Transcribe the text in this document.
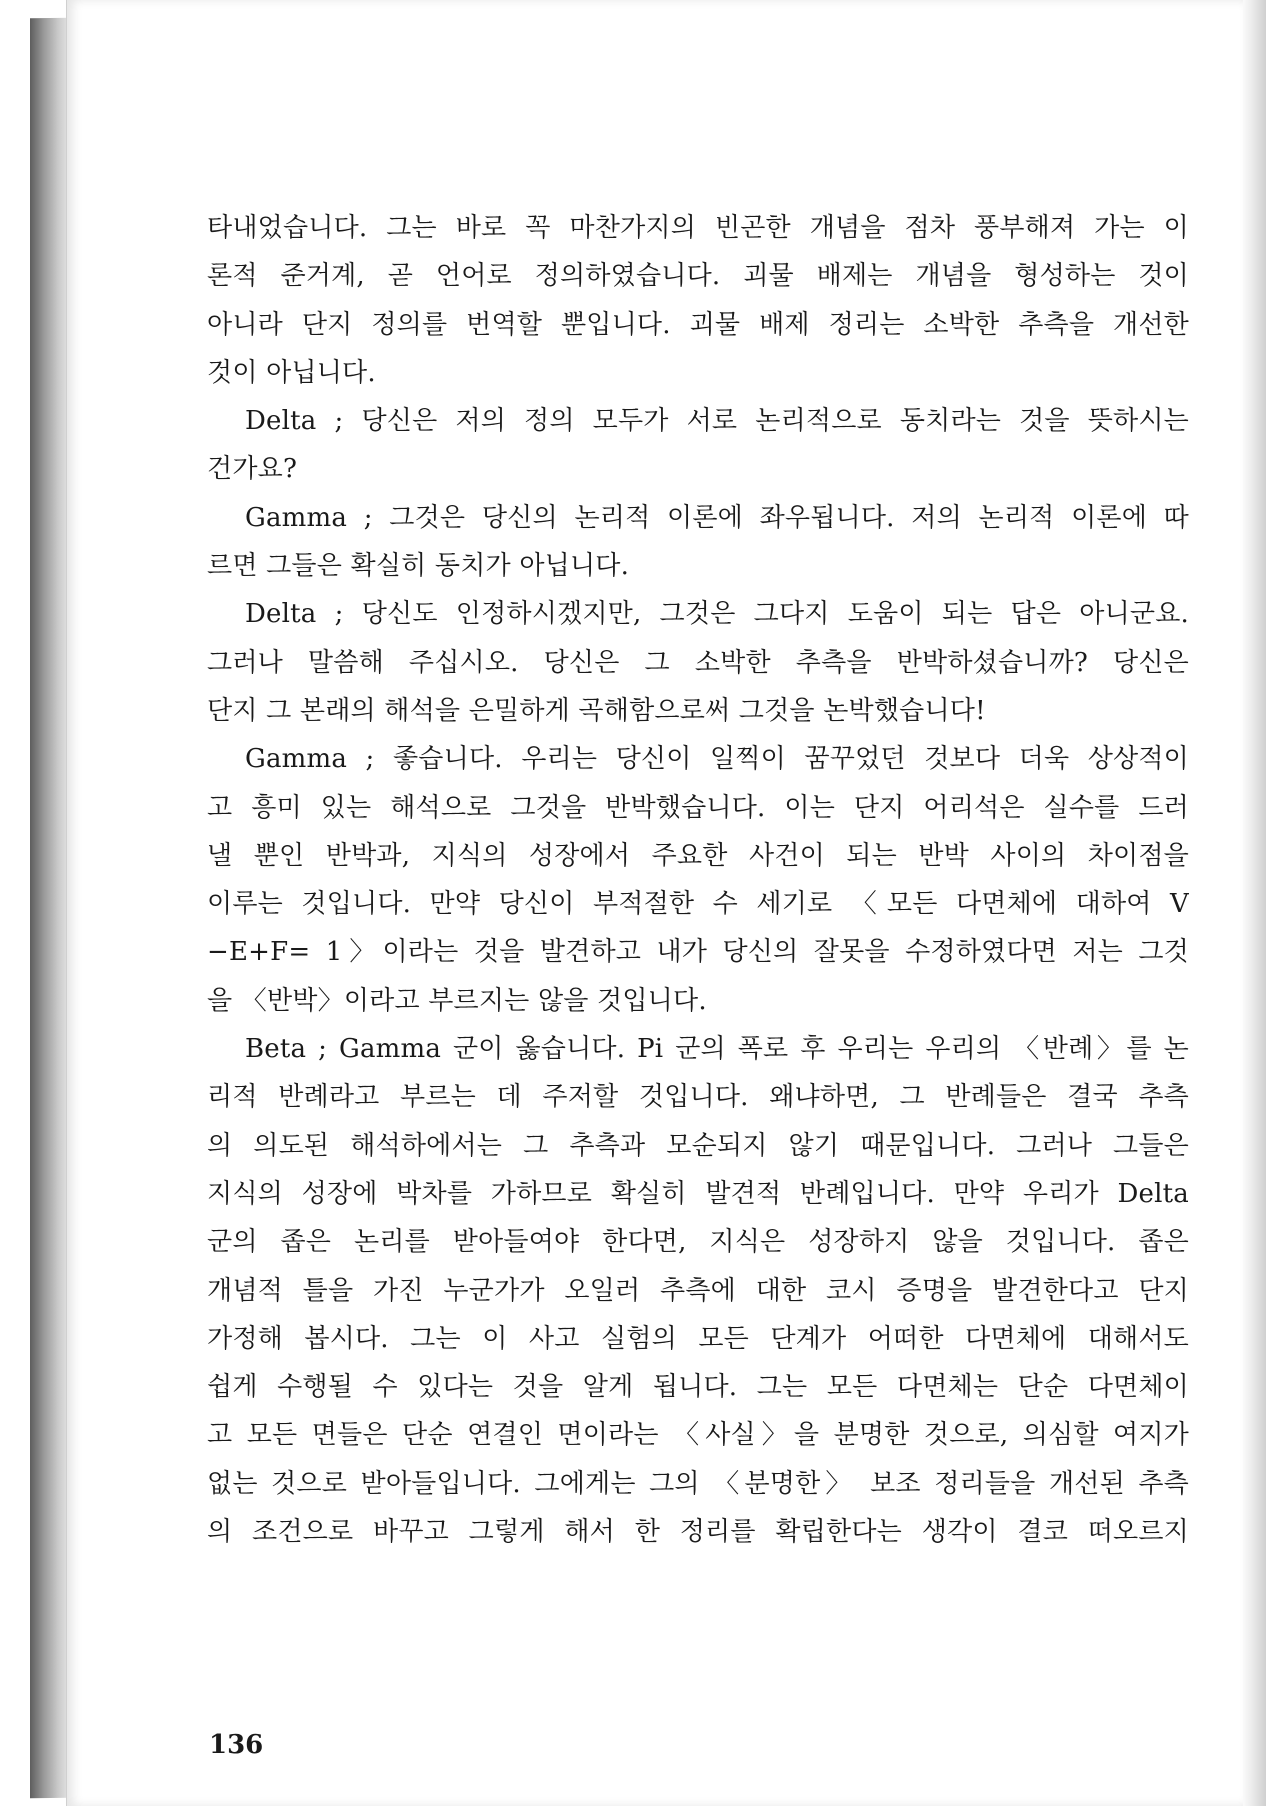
타내었습니다. 그는 바로 꼭 마찬가지의 빈곤한 개념을 점차 풍부해져 가는 이
론적 준거계, 곧 언어로 정의하였습니다. 괴물 배제는 개념을 형성하는 것이
아니라 단지 정의를 번역할 뿐입니다. 괴물 배제 정리는 소박한 추측을 개선한
것이 아닙니다.
Delta ; 당신은 저의 정의 모두가 서로 논리적으로 동치라는 것을 뜻하시는
건가요?
Gamma ; 그것은 당신의 논리적 이론에 좌우됩니다. 저의 논리적 이론에 따
르면 그들은 확실히 동치가 아닙니다.
Delta ; 당신도 인정하시겠지만, 그것은 그다지 도움이 되는 답은 아니군요.
그러나 말씀해 주십시오. 당신은 그 소박한 추측을 반박하셨습니까? 당신은
단지 그 본래의 해석을 은밀하게 곡해함으로써 그것을 논박했습니다!
Gamma ; 좋습니다. 우리는 당신이 일찍이 꿈꾸었던 것보다 더욱 상상적이
고 흥미 있는 해석으로 그것을 반박했습니다. 이는 단지 어리석은 실수를 드러
낼 뿐인 반박과, 지식의 성장에서 주요한 사건이 되는 반박 사이의 차이점을
이루는 것입니다. 만약 당신이 부적절한 수 세기로 〈모든 다면체에 대하여 V
−E+F= 1〉이라는 것을 발견하고 내가 당신의 잘못을 수정하였다면 저는 그것
을 〈반박〉이라고 부르지는 않을 것입니다.
Beta ; Gamma 군이 옳습니다. Pi 군의 폭로 후 우리는 우리의 〈반례〉를 논
리적 반례라고 부르는 데 주저할 것입니다. 왜냐하면, 그 반례들은 결국 추측
의 의도된 해석하에서는 그 추측과 모순되지 않기 때문입니다. 그러나 그들은
지식의 성장에 박차를 가하므로 확실히 발견적 반례입니다. 만약 우리가 Delta
군의 좁은 논리를 받아들여야 한다면, 지식은 성장하지 않을 것입니다. 좁은
개념적 틀을 가진 누군가가 오일러 추측에 대한 코시 증명을 발견한다고 단지
가정해 봅시다. 그는 이 사고 실험의 모든 단계가 어떠한 다면체에 대해서도
쉽게 수행될 수 있다는 것을 알게 됩니다. 그는 모든 다면체는 단순 다면체이
고 모든 면들은 단순 연결인 면이라는 〈사실〉을 분명한 것으로, 의심할 여지가
없는 것으로 받아들입니다. 그에게는 그의 〈분명한〉 보조 정리들을 개선된 추측
의 조건으로 바꾸고 그렇게 해서 한 정리를 확립한다는 생각이 결코 떠오르지
136
